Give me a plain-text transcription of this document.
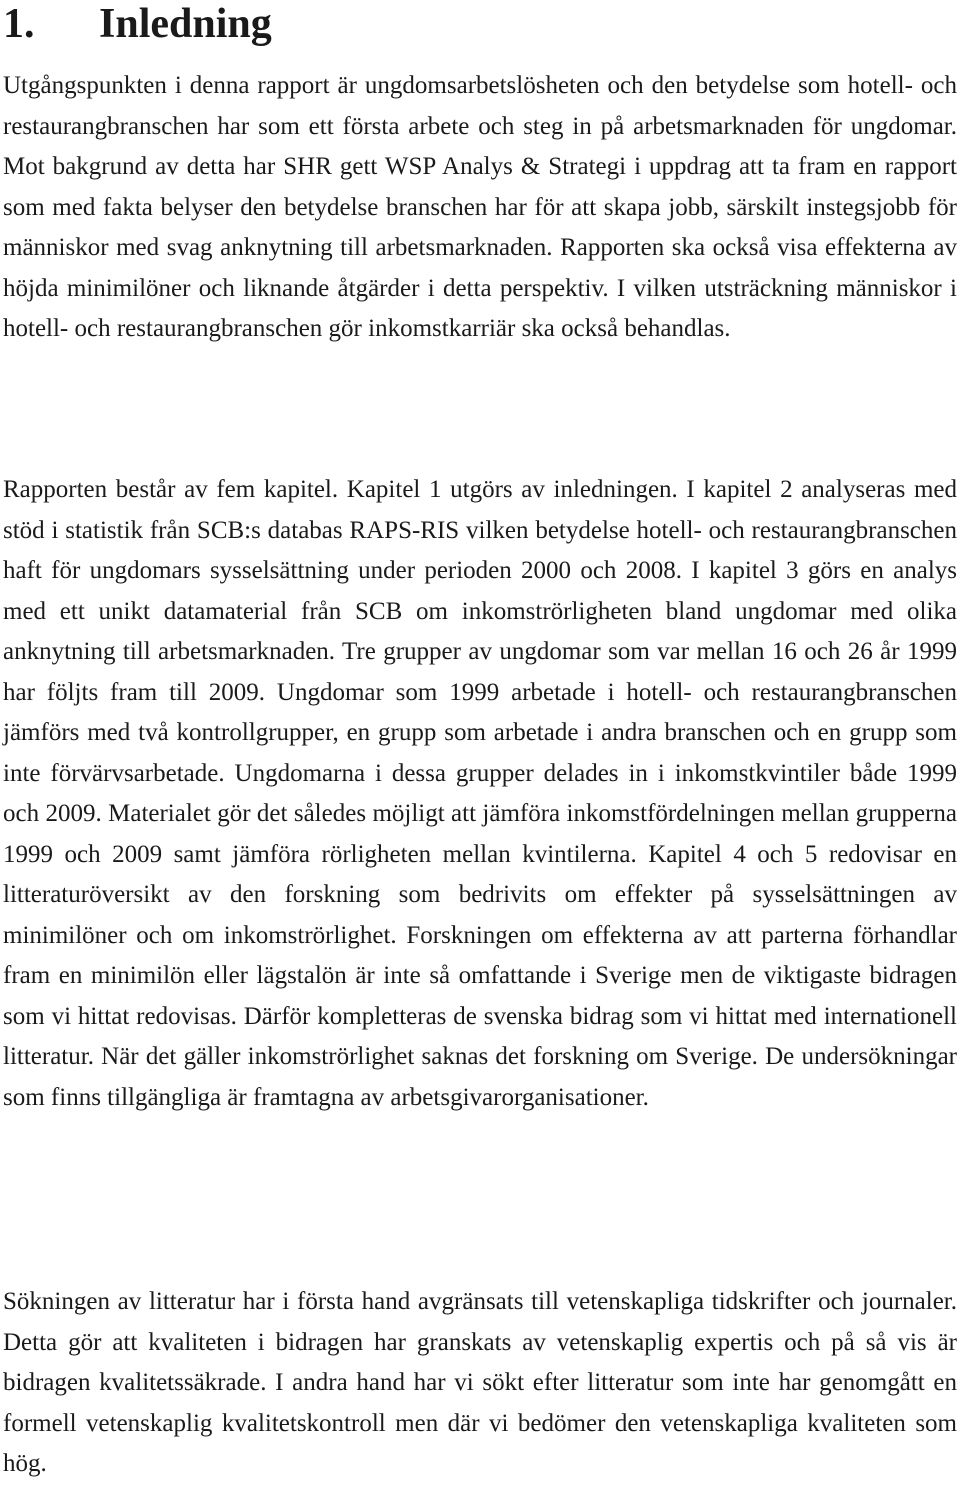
1.	Inledning

Utgångspunkten i denna rapport är ungdomsarbetslösheten och den betydelse som hotell- och restaurangbranschen har som ett första arbete och steg in på arbetsmarknaden för ungdomar. Mot bakgrund av detta har SHR gett WSP Analys & Strategi i uppdrag att ta fram en rapport som med fakta belyser den betydelse branschen har för att skapa jobb, särskilt instegsjobb för människor med svag anknytning till arbetsmarknaden. Rapporten ska också visa effekterna av höjda minimilöner och liknande åtgärder i detta perspektiv. I vilken utsträckning människor i hotell- och restaurangbranschen gör inkomstkarriär ska också behandlas.

Rapporten består av fem kapitel. Kapitel 1 utgörs av inledningen. I kapitel 2 analyseras med stöd i statistik från SCB:s databas RAPS-RIS vilken betydelse hotell- och restaurangbranschen haft för ungdomars sysselsättning under perioden 2000 och 2008. I kapitel 3 görs en analys med ett unikt datamaterial från SCB om inkomströrligheten bland ungdomar med olika anknytning till arbetsmarknaden. Tre grupper av ungdomar som var mellan 16 och 26 år 1999 har följts fram till 2009. Ungdomar som 1999 arbetade i hotell- och restaurangbranschen jämförs med två kontrollgrupper, en grupp som arbetade i andra branschen och en grupp som inte förvärvsarbetade. Ungdomarna i dessa grupper delades in i inkomstkvintiler både 1999 och 2009. Materialet gör det således möjligt att jämföra inkomstfördelningen mellan grupperna 1999 och 2009 samt jämföra rörligheten mellan kvintilerna. Kapitel 4 och 5 redovisar en litteraturöversikt av den forskning som bedrivits om effekter på sysselsättningen av minimilöner och om inkomströrlighet. Forskningen om effekterna av att parterna förhandlar fram en minimilön eller lägstalön är inte så omfattande i Sverige men de viktigaste bidragen som vi hittat redovisas. Därför kompletteras de svenska bidrag som vi hittat med internationell litteratur. När det gäller inkomströrlighet saknas det forskning om Sverige. De undersökningar som finns tillgängliga är framtagna av arbetsgivarorganisationer.

Sökningen av litteratur har i första hand avgränsats till vetenskapliga tidskrifter och journaler. Detta gör att kvaliteten i bidragen har granskats av vetenskaplig expertis och på så vis är bidragen kvalitetssäkrade. I andra hand har vi sökt efter litteratur som inte har genomgått en formell vetenskaplig kvalitetskontroll men där vi bedömer den vetenskapliga kvaliteten som hög.
